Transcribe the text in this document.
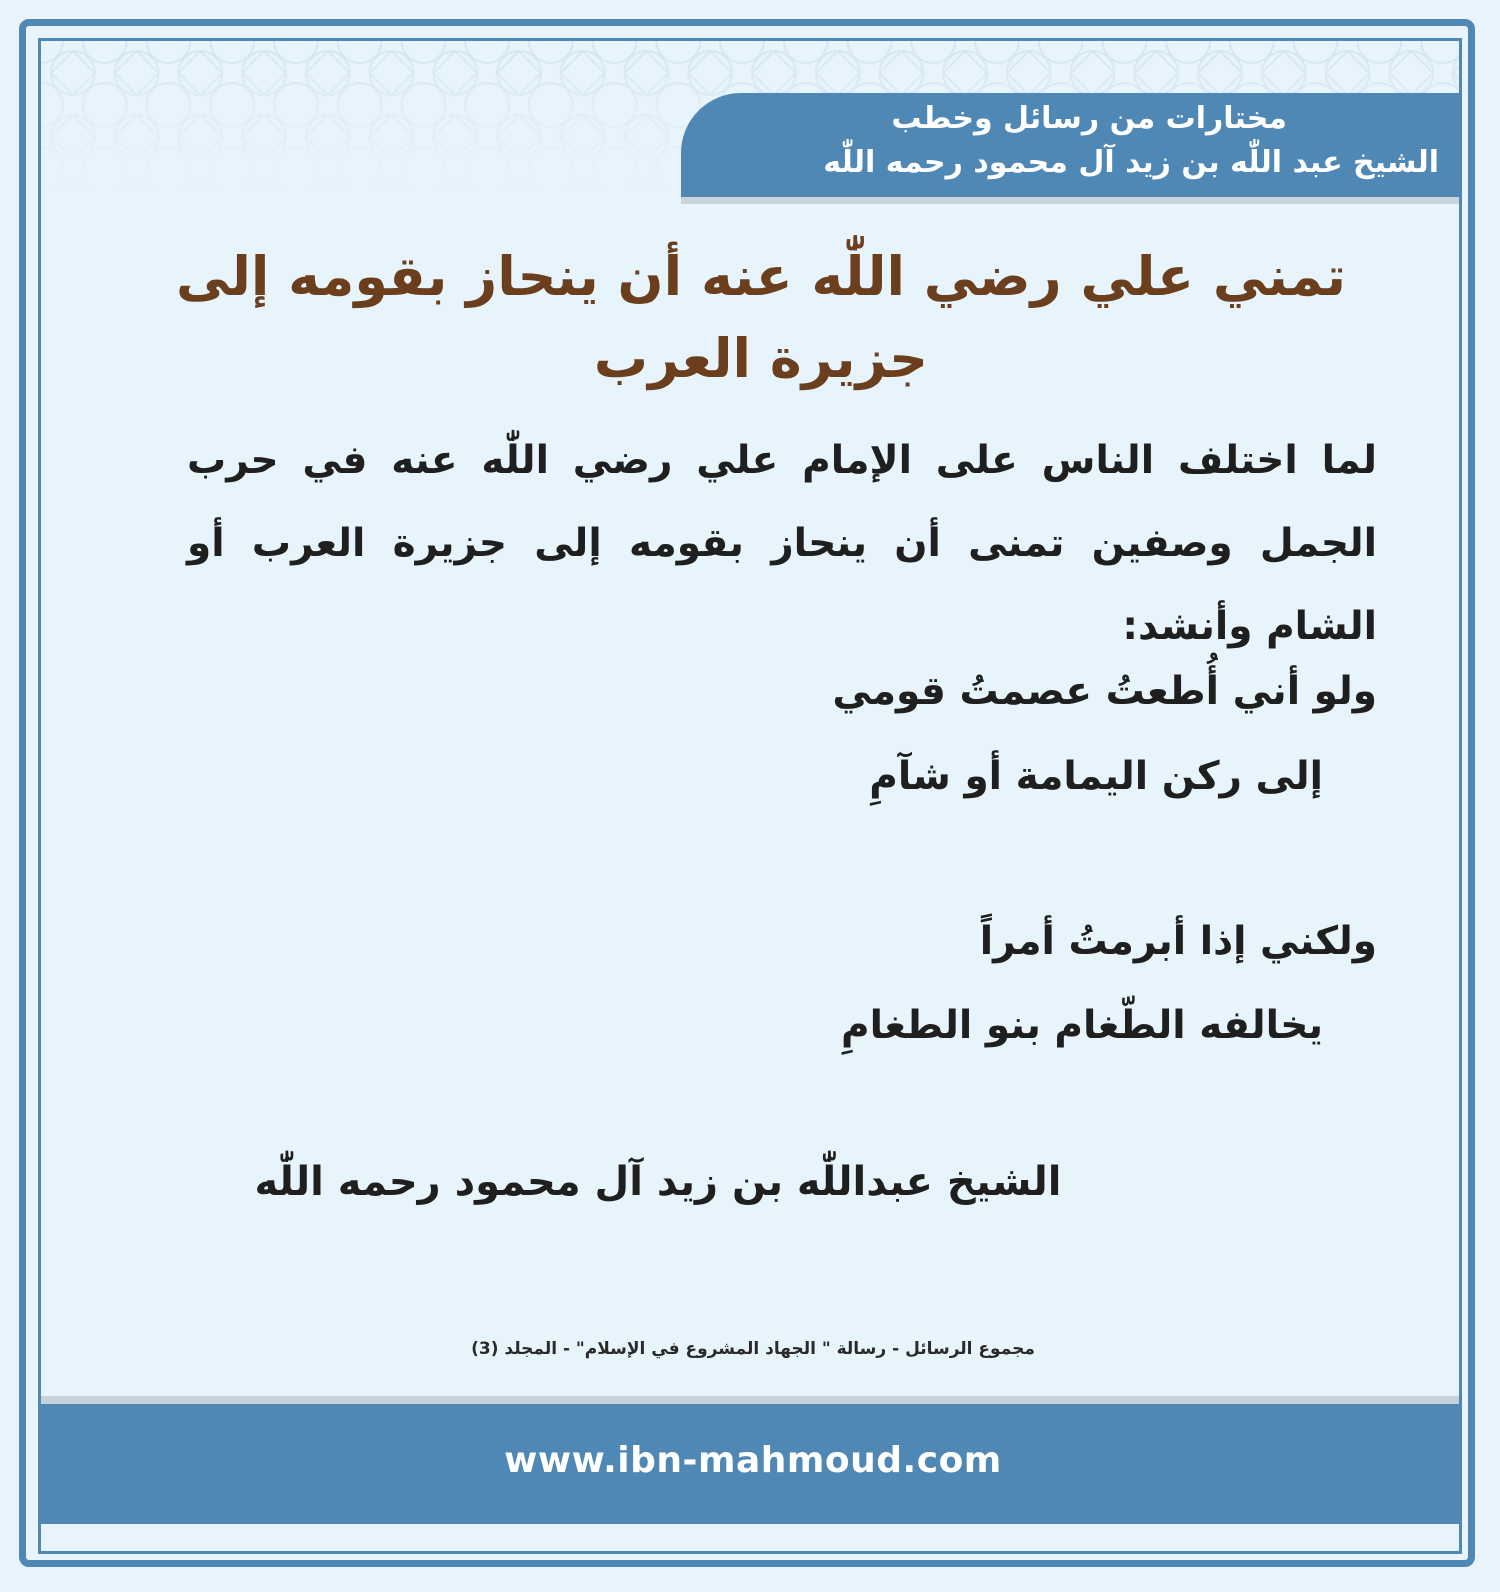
مختارات من رسائل وخطب
الشيخ عبد اللّٰه بن زيد آل محمود رحمه اللّٰه
تمني علي رضي اللّٰه عنه أن ينحاز بقومه إلى جزيرة العرب
لما اختلف الناس على الإمام علي رضي اللّٰه عنه في حرب الجمل وصفين تمنى أن ينحاز بقومه إلى جزيرة العرب أو الشام وأنشد:
ولو أني أُطعتُ عصمتُ قومي
إلى ركن اليمامة أو شآمِ
ولكني إذا أبرمتُ أمراً
يخالفه الطّغام بنو الطغامِ
الشيخ عبداللّٰه بن زيد آل محمود رحمه اللّٰه
مجموع الرسائل - رسالة " الجهاد المشروع في الإسلام" - المجلد (3)
www.ibn-mahmoud.com
